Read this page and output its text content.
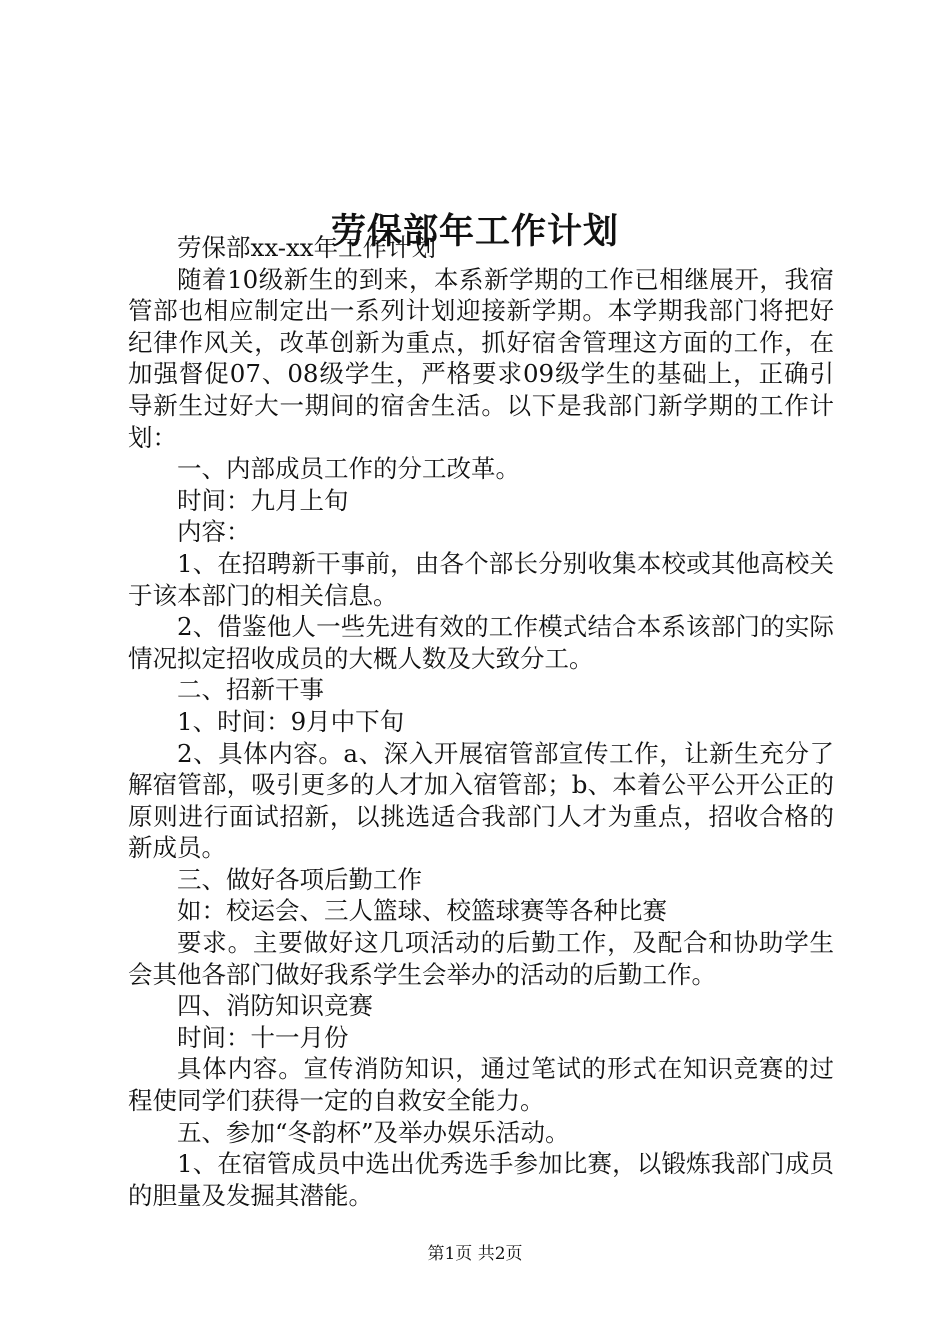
劳保部年工作计划

劳保部xx-xx年工作计划

随着10级新生的到来，本系新学期的工作已相继展开，我宿管部也相应制定出一系列计划迎接新学期。本学期我部门将把好纪律作风关，改革创新为重点，抓好宿舍管理这方面的工作，在加强督促07、08级学生，严格要求09级学生的基础上，正确引导新生过好大一期间的宿舍生活。以下是我部门新学期的工作计划：

一、内部成员工作的分工改革。

时间：九月上旬

内容：

1、在招聘新干事前，由各个部长分别收集本校或其他高校关于该本部门的相关信息。

2、借鉴他人一些先进有效的工作模式结合本系该部门的实际情况拟定招收成员的大概人数及大致分工。

二、招新干事

1、时间：9月中下旬

2、具体内容。a、深入开展宿管部宣传工作，让新生充分了解宿管部，吸引更多的人才加入宿管部；b、本着公平公开公正的原则进行面试招新，以挑选适合我部门人才为重点，招收合格的新成员。

三、做好各项后勤工作

如：校运会、三人篮球、校篮球赛等各种比赛

要求。主要做好这几项活动的后勤工作，及配合和协助学生会其他各部门做好我系学生会举办的活动的后勤工作。

四、消防知识竞赛

时间：十一月份

具体内容。宣传消防知识，通过笔试的形式在知识竞赛的过程使同学们获得一定的自救安全能力。

五、参加“冬韵杯”及举办娱乐活动。

1、在宿管成员中选出优秀选手参加比赛，以锻炼我部门成员的胆量及发掘其潜能。

第1页 共2页
